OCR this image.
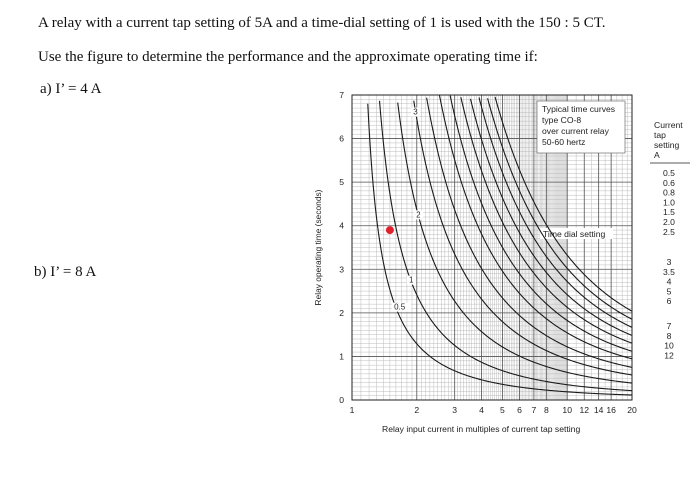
A relay with a current tap setting of 5A and a time-dial setting of 1 is used with the 150 : 5 CT.
Use the figure to determine the performance and the approximate operating time if:
a) I’ = 4 A
b) I’ = 8 A
Typical time curves
type CO-8
over current relay
50-60 hertz
Time dial setting
0.5
1
2
3
1	2	3	4 5 6 7 8 10 12 14 16 20
0
1
2
3
4
5
6
7
Relay input current in multiples of current tap setting
Relay operating time (seconds)
Current
tap
setting
A
0.5
0.6
0.8
1.0
1.5
2.0
2.5
3
3.5
4
5
6
7
8
10
12
